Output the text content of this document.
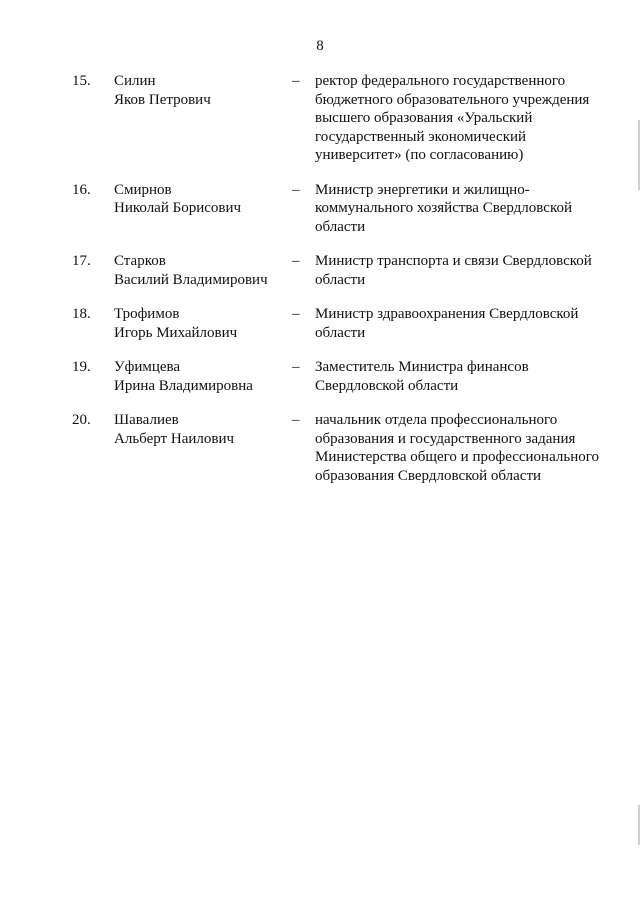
8
15. Силин
Яков Петрович
– ректор федерального государственного бюджетного образовательного учреждения высшего образования «Уральский государственный экономический университет» (по согласованию)
16. Смирнов
Николай Борисович
– Министр энергетики и жилищно-коммунального хозяйства Свердловской области
17. Старков
Василий Владимирович
– Министр транспорта и связи Свердловской области
18. Трофимов
Игорь Михайлович
– Министр здравоохранения Свердловской области
19. Уфимцева
Ирина Владимировна
– Заместитель Министра финансов Свердловской области
20. Шавалиев
Альберт Наилович
– начальник отдела профессионального образования и государственного задания Министерства общего и профессионального образования Свердловской области
